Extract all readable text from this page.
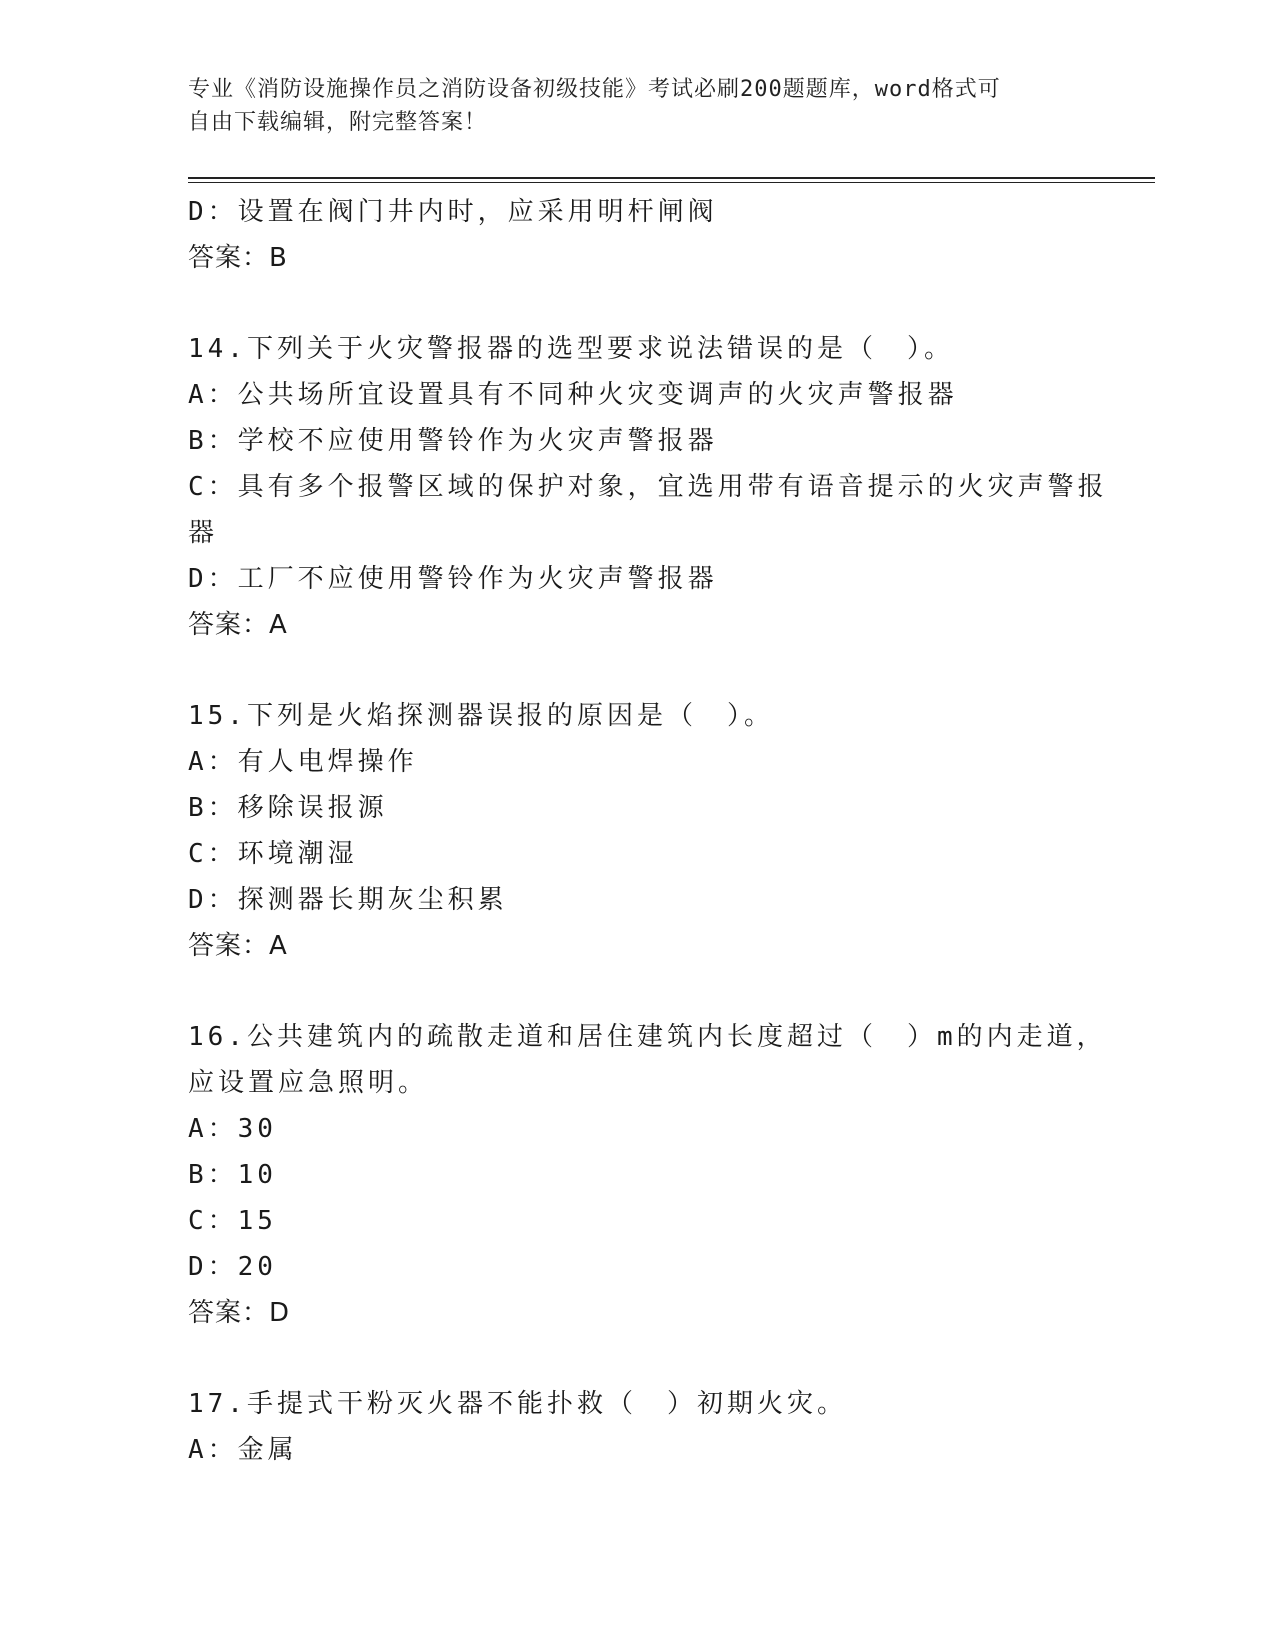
专业《消防设施操作员之消防设备初级技能》考试必刷200题题库，word格式可
自由下载编辑，附完整答案！
D：设置在阀门井内时，应采用明杆闸阀
答案：B
14.下列关于火灾警报器的选型要求说法错误的是（　）。
A：公共场所宜设置具有不同种火灾变调声的火灾声警报器
B：学校不应使用警铃作为火灾声警报器
C：具有多个报警区域的保护对象，宜选用带有语音提示的火灾声警报
器
D：工厂不应使用警铃作为火灾声警报器
答案：A
15.下列是火焰探测器误报的原因是（　）。
A：有人电焊操作
B：移除误报源
C：环境潮湿
D：探测器长期灰尘积累
答案：A
16.公共建筑内的疏散走道和居住建筑内长度超过（　）m的内走道，
应设置应急照明。
A：30
B：10
C：15
D：20
答案：D
17.手提式干粉灭火器不能扑救（　）初期火灾。
A：金属
